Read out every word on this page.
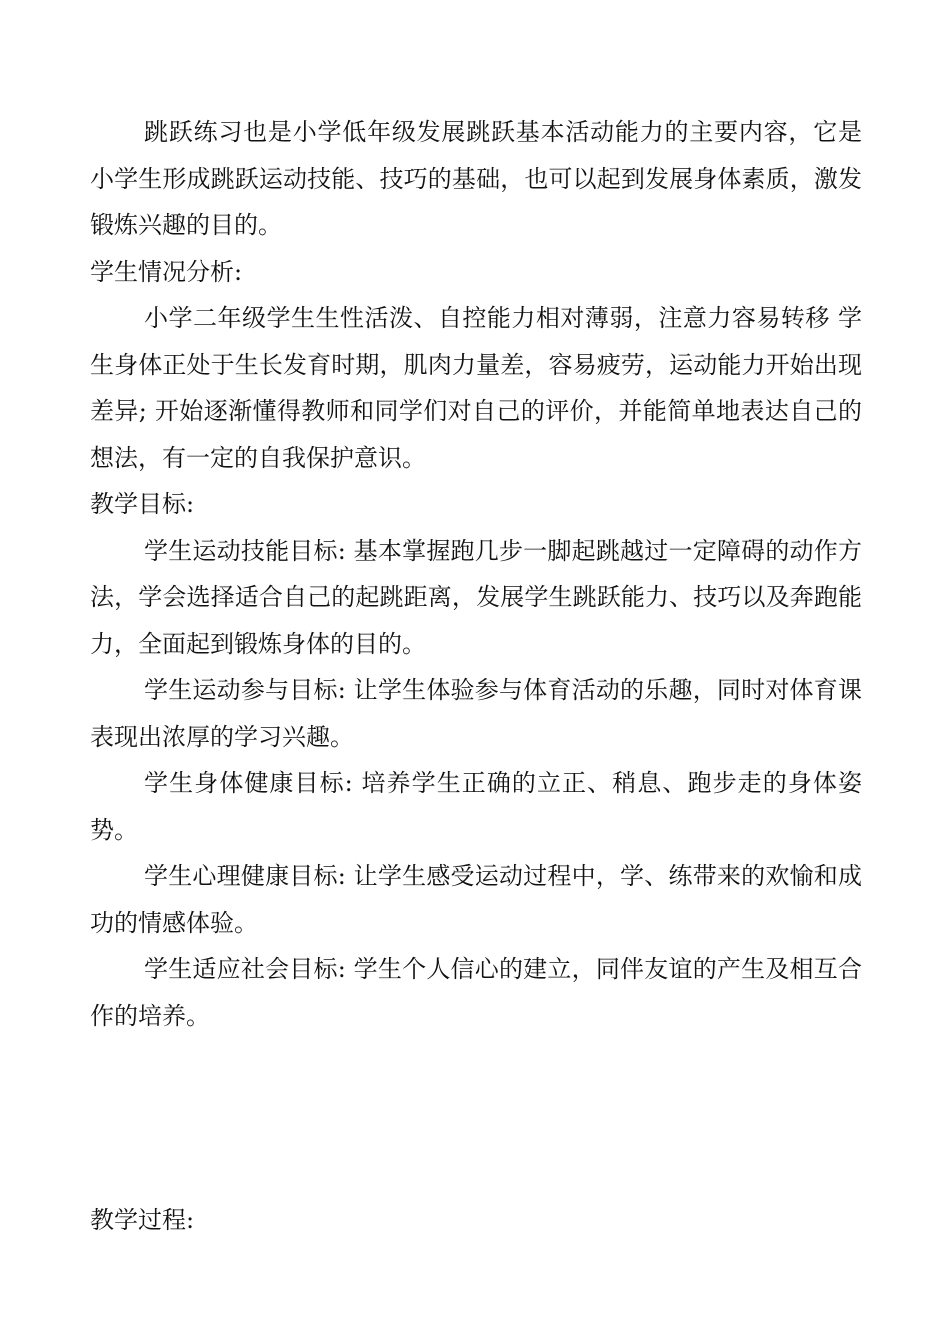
跳跃练习也是小学低年级发展跳跃基本活动能力的主要内容，它是小学生形成跳跃运动技能、技巧的基础，也可以起到发展身体素质，激发锻炼兴趣的目的。

学生情况分析:

小学二年级学生生性活泼、自控能力相对薄弱，注意力容易转移 学生身体正处于生长发育时期，肌肉力量差，容易疲劳，运动能力开始出现差异; 开始逐渐懂得教师和同学们对自己的评价，并能简单地表达自己的想法，有一定的自我保护意识。

教学目标:

学生运动技能目标: 基本掌握跑几步一脚起跳越过一定障碍的动作方法，学会选择适合自己的起跳距离，发展学生跳跃能力、技巧以及奔跑能力，全面起到锻炼身体的目的。

学生运动参与目标: 让学生体验参与体育活动的乐趣，同时对体育课表现出浓厚的学习兴趣。

学生身体健康目标: 培养学生正确的立正、稍息、跑步走的身体姿势。

学生心理健康目标: 让学生感受运动过程中，学、练带来的欢愉和成功的情感体验。

学生适应社会目标: 学生个人信心的建立，同伴友谊的产生及相互合作的培养。

教学过程:
